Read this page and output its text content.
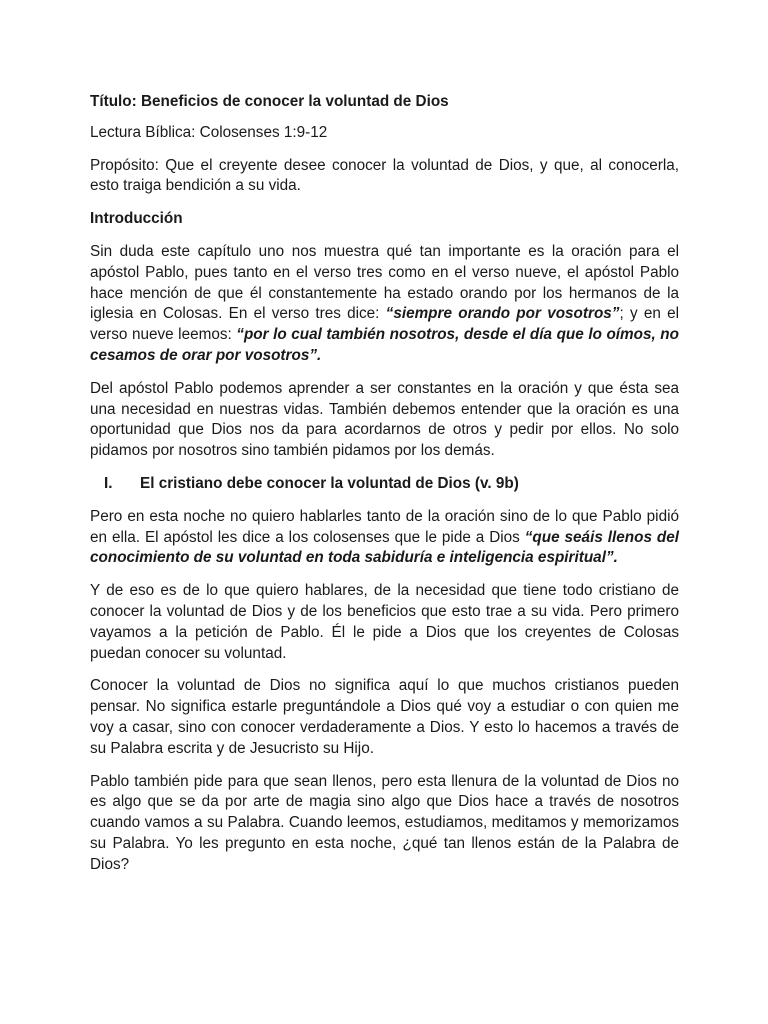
Título: Beneficios de conocer la voluntad de Dios

Lectura Bíblica: Colosenses 1:9-12

Propósito: Que el creyente desee conocer la voluntad de Dios, y que, al conocerla, esto traiga bendición a su vida.

Introducción

Sin duda este capítulo uno nos muestra qué tan importante es la oración para el apóstol Pablo, pues tanto en el verso tres como en el verso nueve, el apóstol Pablo hace mención de que él constantemente ha estado orando por los hermanos de la iglesia en Colosas. En el verso tres dice: “siempre orando por vosotros”; y en el verso nueve leemos: “por lo cual también nosotros, desde el día que lo oímos, no cesamos de orar por vosotros”.

Del apóstol Pablo podemos aprender a ser constantes en la oración y que ésta sea una necesidad en nuestras vidas. También debemos entender que la oración es una oportunidad que Dios nos da para acordarnos de otros y pedir por ellos. No solo pidamos por nosotros sino también pidamos por los demás.

I.	El cristiano debe conocer la voluntad de Dios (v. 9b)

Pero en esta noche no quiero hablarles tanto de la oración sino de lo que Pablo pidió en ella. El apóstol les dice a los colosenses que le pide a Dios “que seáis llenos del conocimiento de su voluntad en toda sabiduría e inteligencia espiritual”.

Y de eso es de lo que quiero hablares, de la necesidad que tiene todo cristiano de conocer la voluntad de Dios y de los beneficios que esto trae a su vida. Pero primero vayamos a la petición de Pablo. Él le pide a Dios que los creyentes de Colosas puedan conocer su voluntad.

Conocer la voluntad de Dios no significa aquí lo que muchos cristianos pueden pensar. No significa estarle preguntándole a Dios qué voy a estudiar o con quien me voy a casar, sino con conocer verdaderamente a Dios. Y esto lo hacemos a través de su Palabra escrita y de Jesucristo su Hijo.

Pablo también pide para que sean llenos, pero esta llenura de la voluntad de Dios no es algo que se da por arte de magia sino algo que Dios hace a través de nosotros cuando vamos a su Palabra. Cuando leemos, estudiamos, meditamos y memorizamos su Palabra. Yo les pregunto en esta noche, ¿qué tan llenos están de la Palabra de Dios?
